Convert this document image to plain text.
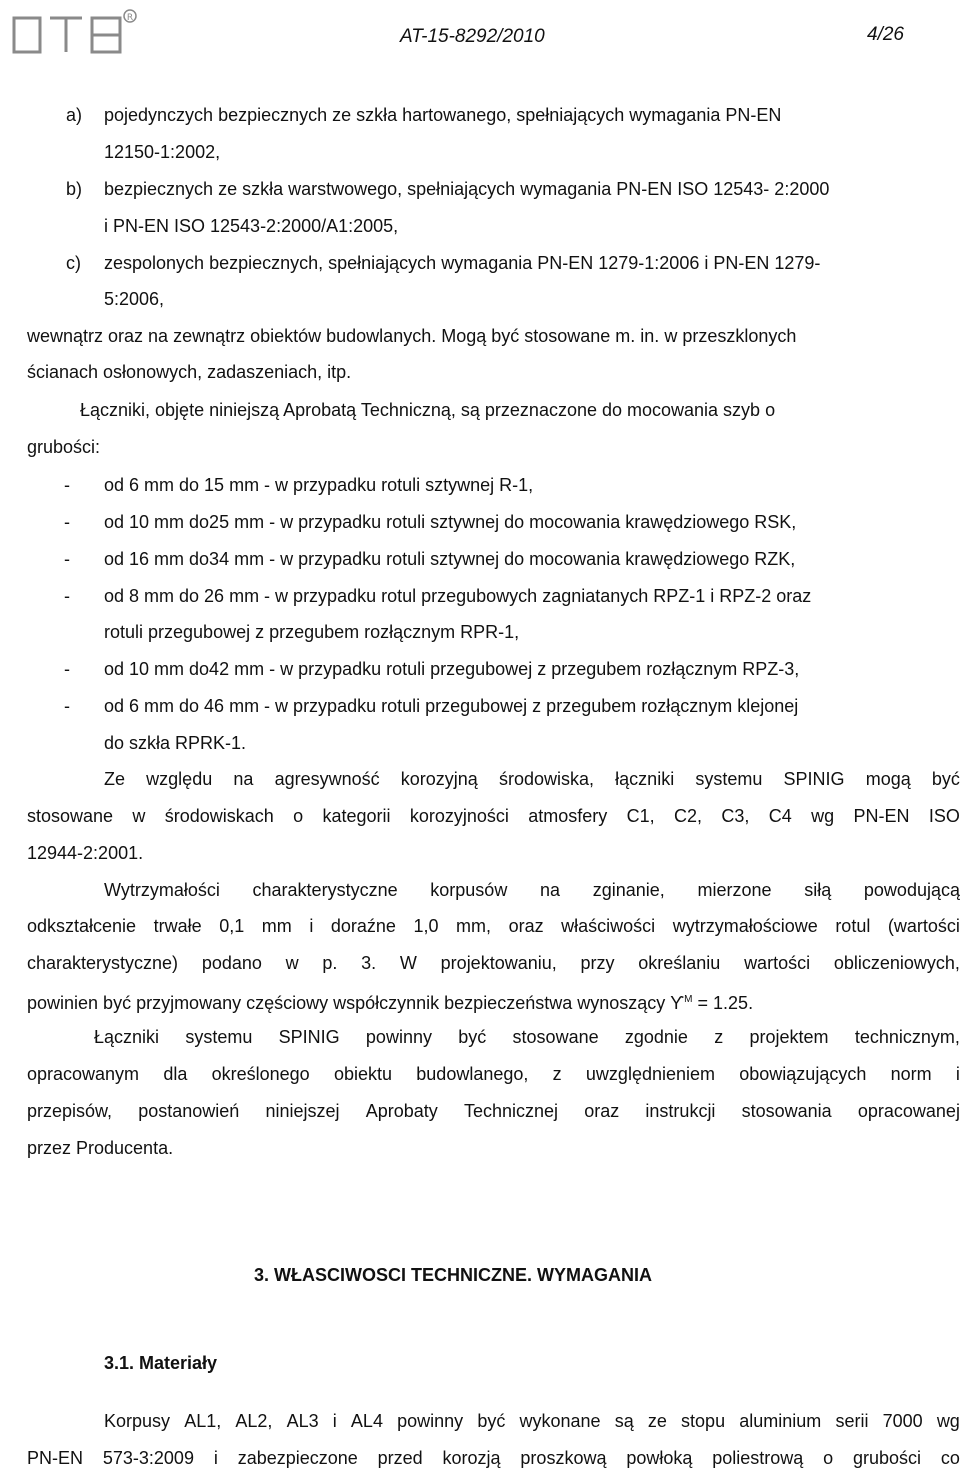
R
AT-15-8292/2010	4/26
a) pojedynczych bezpiecznych ze szkła hartowanego, spełniających wymagania PN-EN
12150-1:2002,
b) bezpiecznych ze szkła warstwowego, spełniających wymagania PN-EN ISO 12543- 2:2000
i PN-EN ISO 12543-2:2000/A1:2005,
c) zespolonych bezpiecznych, spełniających wymagania PN-EN 1279-1:2006 i PN-EN 1279-
5:2006,
wewnątrz oraz na zewnątrz obiektów budowlanych. Mogą być stosowane m. in. w przeszklonych
ścianach osłonowych, zadaszeniach, itp.
Łączniki, objęte niniejszą Aprobatą Techniczną, są przeznaczone do mocowania szyb o
grubości:
- od 6 mm do 15 mm - w przypadku rotuli sztywnej R-1,
- od 10 mm do25 mm - w przypadku rotuli sztywnej do mocowania krawędziowego RSK,
- od 16 mm do34 mm - w przypadku rotuli sztywnej do mocowania krawędziowego RZK,
- od 8 mm do 26 mm - w przypadku rotul przegubowych zagniatanych RPZ-1 i RPZ-2 oraz
rotuli przegubowej z przegubem rozłącznym RPR-1,
- od 10 mm do42 mm - w przypadku rotuli przegubowej z przegubem rozłącznym RPZ-3,
- od 6 mm do 46 mm - w przypadku rotuli przegubowej z przegubem rozłącznym klejonej
do szkła RPRK-1.
Ze względu na agresywność korozyjną środowiska, łączniki systemu SPINIG mogą być
stosowane w środowiskach o kategorii korozyjności atmosfery C1, C2, C3, C4 wg PN-EN ISO
12944-2:2001.
Wytrzymałości charakterystyczne korpusów na zginanie, mierzone siłą powodującą
odkształcenie trwałe 0,1 mm i doraźne 1,0 mm, oraz właściwości wytrzymałościowe rotul (wartości
charakterystyczne) podano w p. 3. W projektowaniu, przy określaniu wartości obliczeniowych,
powinien być przyjmowany częściowy współczynnik bezpieczeństwa wynoszący $Ƴ^M = 1.25$.
Łączniki systemu SPINIG powinny być stosowane zgodnie z projektem technicznym,
opracowanym dla określonego obiektu budowlanego, z uwzględnieniem obowiązujących norm i
przepisów, postanowień niniejszej Aprobaty Technicznej oraz instrukcji stosowania opracowanej
przez Producenta.
3. WŁASCIWOSCI TECHNICZNE. WYMAGANIA
3.1. Materiały
Korpusy AL1, AL2, AL3 i AL4 powinny być wykonane są ze stopu aluminium serii 7000 wg
PN-EN 573-3:2009 i zabezpieczone przed korozją proszkową powłoką poliestrową o grubości co
